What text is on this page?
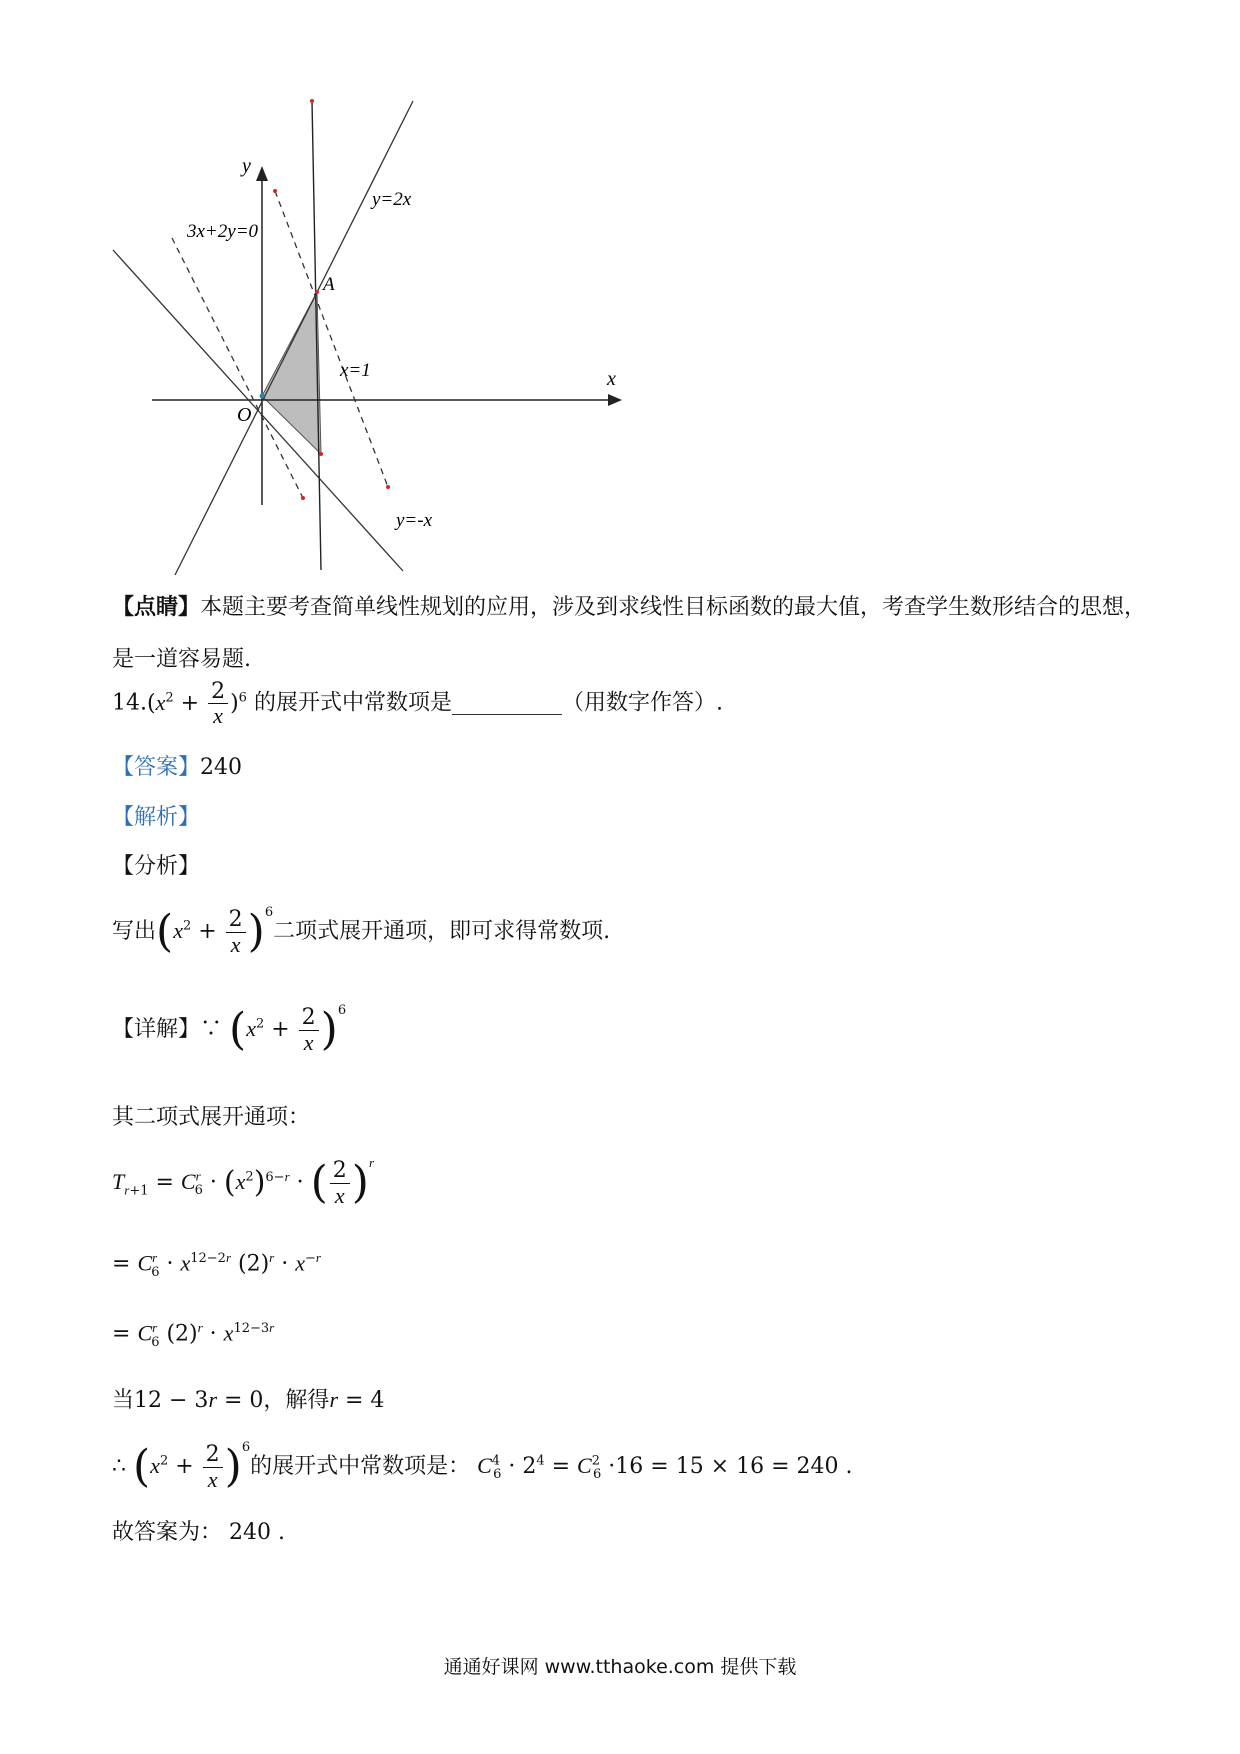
y
x
O
A
y=2x
y=-x
x=1
3x+2y=0
【点睛】本题主要考查简单线性规划的应用，涉及到求线性目标函数的最大值，考查学生数形结合的思想，
是一道容易题.
$14.(x^2 + \frac{2}{x} )^6$ 的展开式中常数项是__________（用数字作答）.
【答案】240
【解析】
【分析】
写出$(x^2 + \frac{2}{x} )^6$二项式展开通项，即可求得常数项.
【详解】∵ $(x^2 + \frac{2}{x} )^6$
其二项式展开通项：
$T_{r+1} = C^r_6 \cdot (x^2)^{6-r}$ · ( $\frac{2}{x} )^r$
= $C^r_6 \cdot x^{12-2r}$ $(2)^r \cdot x^{-r}$
= $C^r_6$ $(2)^r \cdot x^{12-3r}$
当12 − 3r = 0，解得r = 4
∴ $(x^2 + \frac{2}{x} )^6$的展开式中常数项是： $C^4_6 \cdot 2^4 = C^2_6 \cdot 16 = 15 \times 16 = 240$ .
故答案为： 240 .
通通好课网 www.tthaoke.com 提供下载
